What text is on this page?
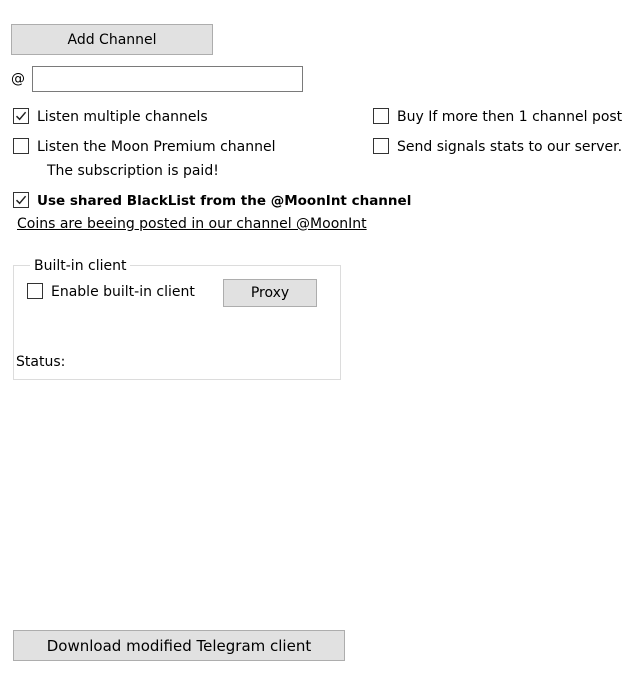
Add Channel
@
Listen multiple channels	Buy If more then 1 channel post
Listen the Moon Premium channel	Send signals stats to our server.
The subscription is paid!
Use shared BlackList from the @MoonInt channel
Coins are beeing posted in our channel @MoonInt
Built-in client
Enable built-in client	Proxy
Status:
Download modified Telegram client
